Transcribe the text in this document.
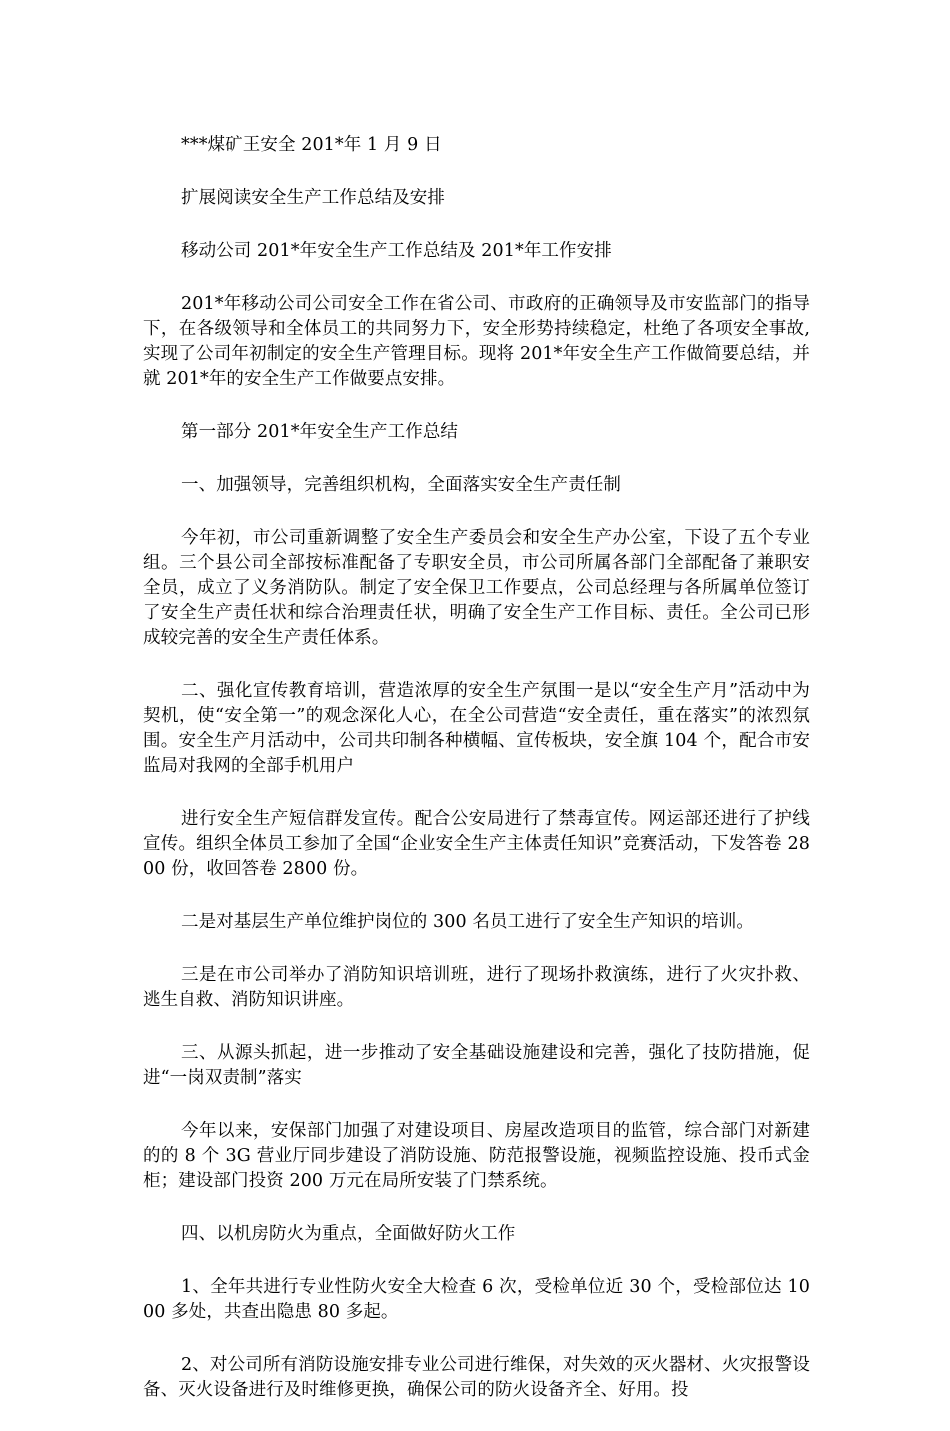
***煤矿王安全 201*年 1 月 9 日

扩展阅读安全生产工作总结及安排

移动公司 201*年安全生产工作总结及 201*年工作安排

201*年移动公司公司安全工作在省公司、市政府的正确领导及市安监部门的指导下，在各级领导和全体员工的共同努力下，安全形势持续稳定，杜绝了各项安全事故,实现了公司年初制定的安全生产管理目标。现将 201*年安全生产工作做简要总结，并就 201*年的安全生产工作做要点安排。

第一部分 201*年安全生产工作总结

一、加强领导，完善组织机构，全面落实安全生产责任制

今年初，市公司重新调整了安全生产委员会和安全生产办公室，下设了五个专业组。三个县公司全部按标准配备了专职安全员，市公司所属各部门全部配备了兼职安全员，成立了义务消防队。制定了安全保卫工作要点，公司总经理与各所属单位签订了安全生产责任状和综合治理责任状，明确了安全生产工作目标、责任。全公司已形成较完善的安全生产责任体系。

二、强化宣传教育培训，营造浓厚的安全生产氛围一是以“安全生产月”活动中为契机，使“安全第一”的观念深化人心，在全公司营造“安全责任，重在落实”的浓烈氛围。安全生产月活动中，公司共印制各种横幅、宣传板块，安全旗 104 个，配合市安监局对我网的全部手机用户

进行安全生产短信群发宣传。配合公安局进行了禁毒宣传。网运部还进行了护线宣传。组织全体员工参加了全国“企业安全生产主体责任知识”竞赛活动，下发答卷 2800 份，收回答卷 2800 份。

二是对基层生产单位维护岗位的 300 名员工进行了安全生产知识的培训。

三是在市公司举办了消防知识培训班，进行了现场扑救演练，进行了火灾扑救、逃生自救、消防知识讲座。

三、从源头抓起，进一步推动了安全基础设施建设和完善，强化了技防措施，促进“一岗双责制”落实

今年以来，安保部门加强了对建设项目、房屋改造项目的监管，综合部门对新建的的 8 个 3G 营业厅同步建设了消防设施、防范报警设施，视频监控设施、投币式金柜；建设部门投资 200 万元在局所安装了门禁系统。

四、以机房防火为重点，全面做好防火工作

1、全年共进行专业性防火安全大检查 6 次，受检单位近 30 个，受检部位达 1000 多处，共查出隐患 80 多起。

2、对公司所有消防设施安排专业公司进行维保，对失效的灭火器材、火灾报警设备、灭火设备进行及时维修更换，确保公司的防火设备齐全、好用。投
